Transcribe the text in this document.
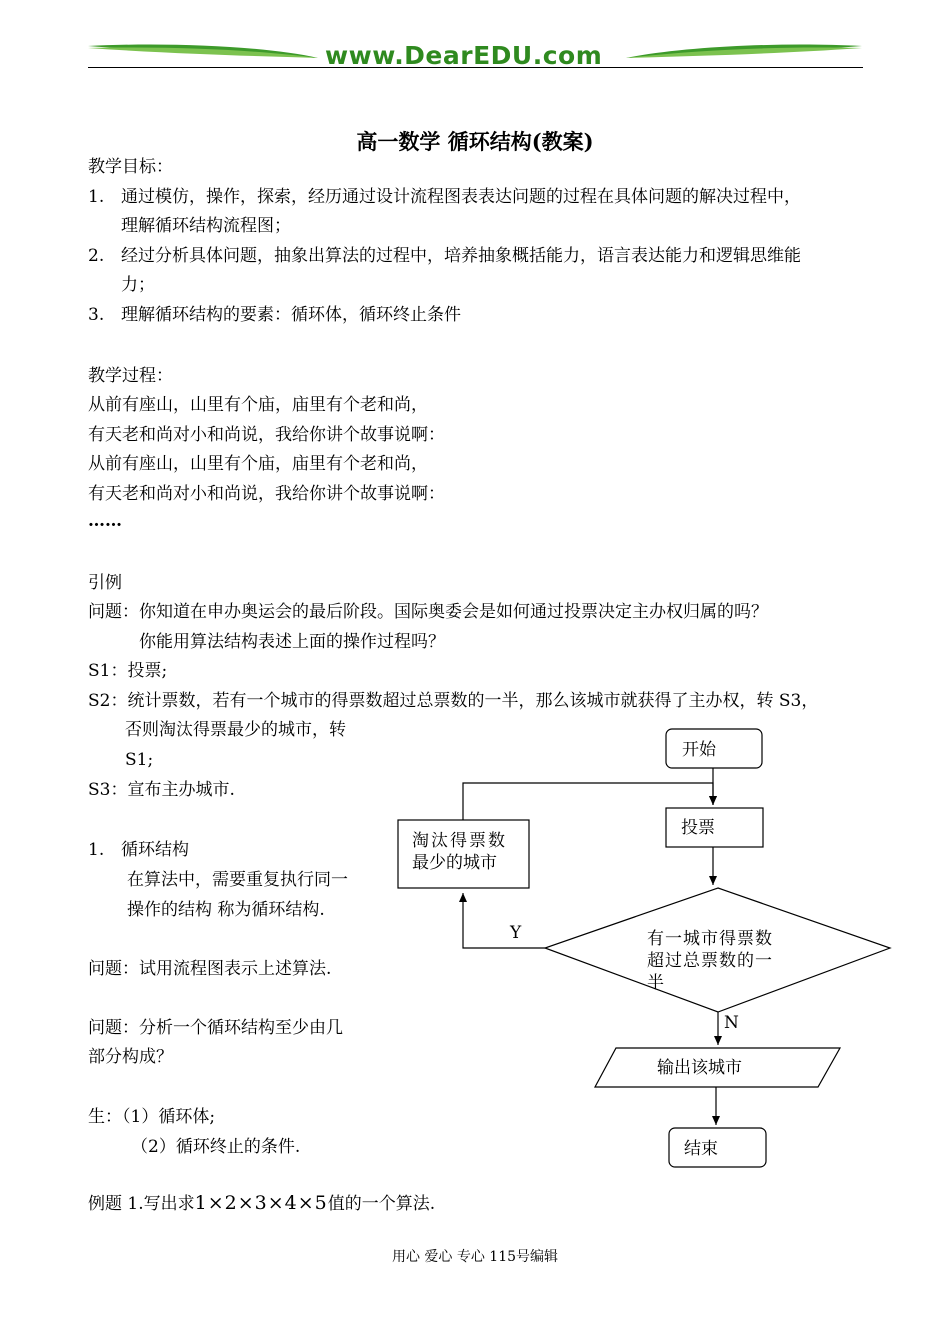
www.DearEDU.com
高一数学 循环结构(教案)
教学目标：
1. 通过模仿，操作，探索，经历通过设计流程图表表达问题的过程在具体问题的解决过程中，
理解循环结构流程图；
2. 经过分析具体问题，抽象出算法的过程中，培养抽象概括能力，语言表达能力和逻辑思维能
力；
3. 理解循环结构的要素：循环体，循环终止条件
教学过程：
从前有座山，山里有个庙，庙里有个老和尚，
有天老和尚对小和尚说，我给你讲个故事说啊：
从前有座山，山里有个庙，庙里有个老和尚，
有天老和尚对小和尚说，我给你讲个故事说啊：
……
引例
问题：你知道在申办奥运会的最后阶段。国际奥委会是如何通过投票决定主办权归属的吗？
你能用算法结构表述上面的操作过程吗？
S1：投票;
S2：统计票数，若有一个城市的得票数超过总票数的一半，那么该城市就获得了主办权，转 S3，
否则淘汰得票最少的城市，转
S1;
S3：宣布主办城市.
1. 循环结构
在算法中，需要重复执行同一
操作的结构 称为循环结构.
问题：试用流程图表示上述算法.
问题：分析一个循环结构至少由几
部分构成？
生：（1）循环体;
（2）循环终止的条件.
例题 1.写出求1×2×3×4×5值的一个算法.
开始
投票
有一城市得票数
超过总票数的一
半
Y
淘汰得票数
最少的城市
N
输出该城市
结束
用心 爱心 专心 115号编辑
